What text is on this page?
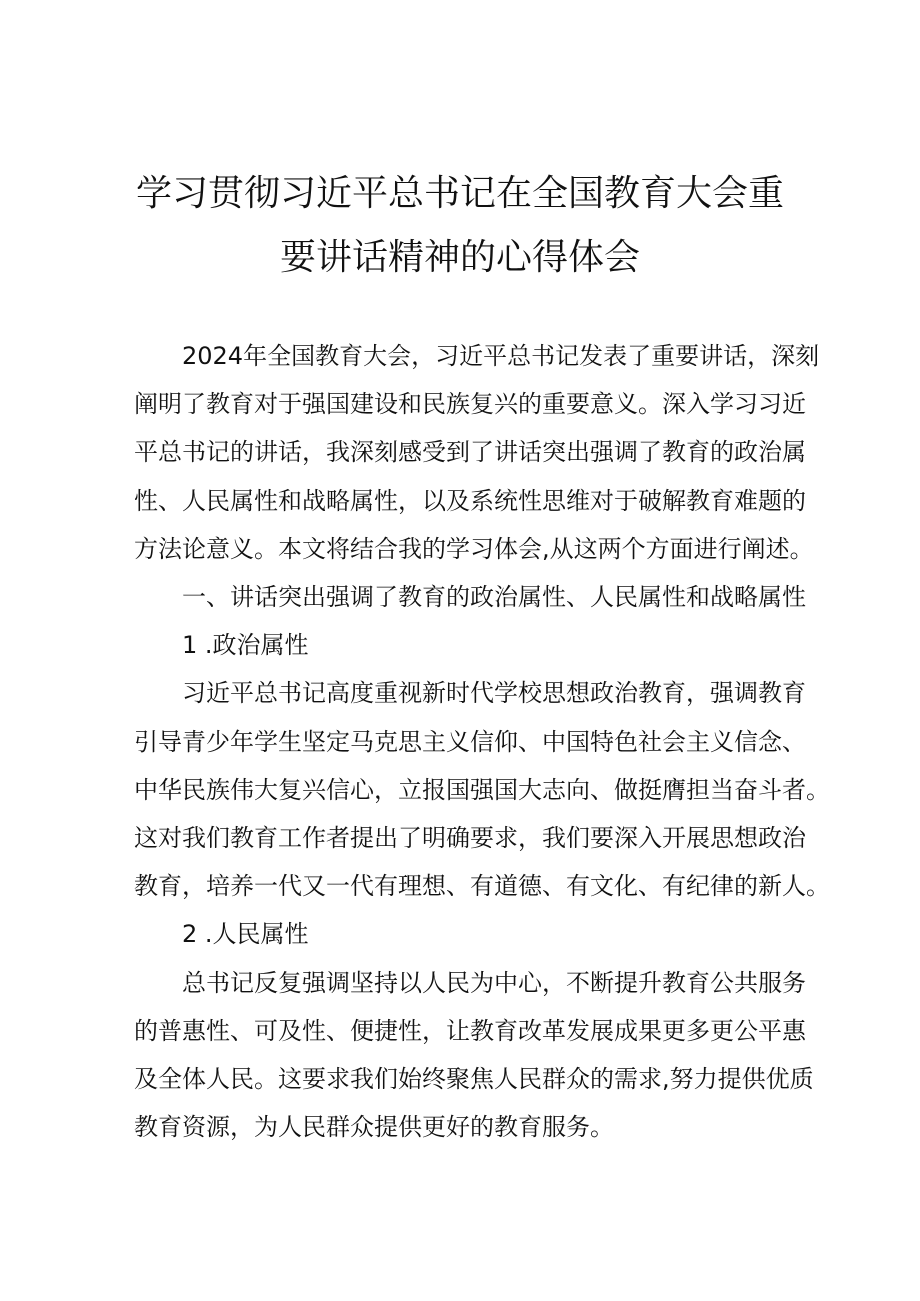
学习贯彻习近平总书记在全国教育大会重
要讲话精神的心得体会

2024年全国教育大会，习近平总书记发表了重要讲话，深刻

阐明了教育对于强国建设和民族复兴的重要意义。深入学习习近

平总书记的讲话，我深刻感受到了讲话突出强调了教育的政治属

性、人民属性和战略属性，以及系统性思维对于破解教育难题的

方法论意义。本文将结合我的学习体会,从这两个方面进行阐述。

一、讲话突出强调了教育的政治属性、人民属性和战略属性

1 .政治属性

习近平总书记高度重视新时代学校思想政治教育，强调教育

引导青少年学生坚定马克思主义信仰、中国特色社会主义信念、

中华民族伟大复兴信心，立报国强国大志向、做挺膺担当奋斗者。

这对我们教育工作者提出了明确要求，我们要深入开展思想政治

教育，培养一代又一代有理想、有道德、有文化、有纪律的新人。

2 .人民属性

总书记反复强调坚持以人民为中心，不断提升教育公共服务

的普惠性、可及性、便捷性，让教育改革发展成果更多更公平惠

及全体人民。这要求我们始终聚焦人民群众的需求,努力提供优质

教育资源，为人民群众提供更好的教育服务。
